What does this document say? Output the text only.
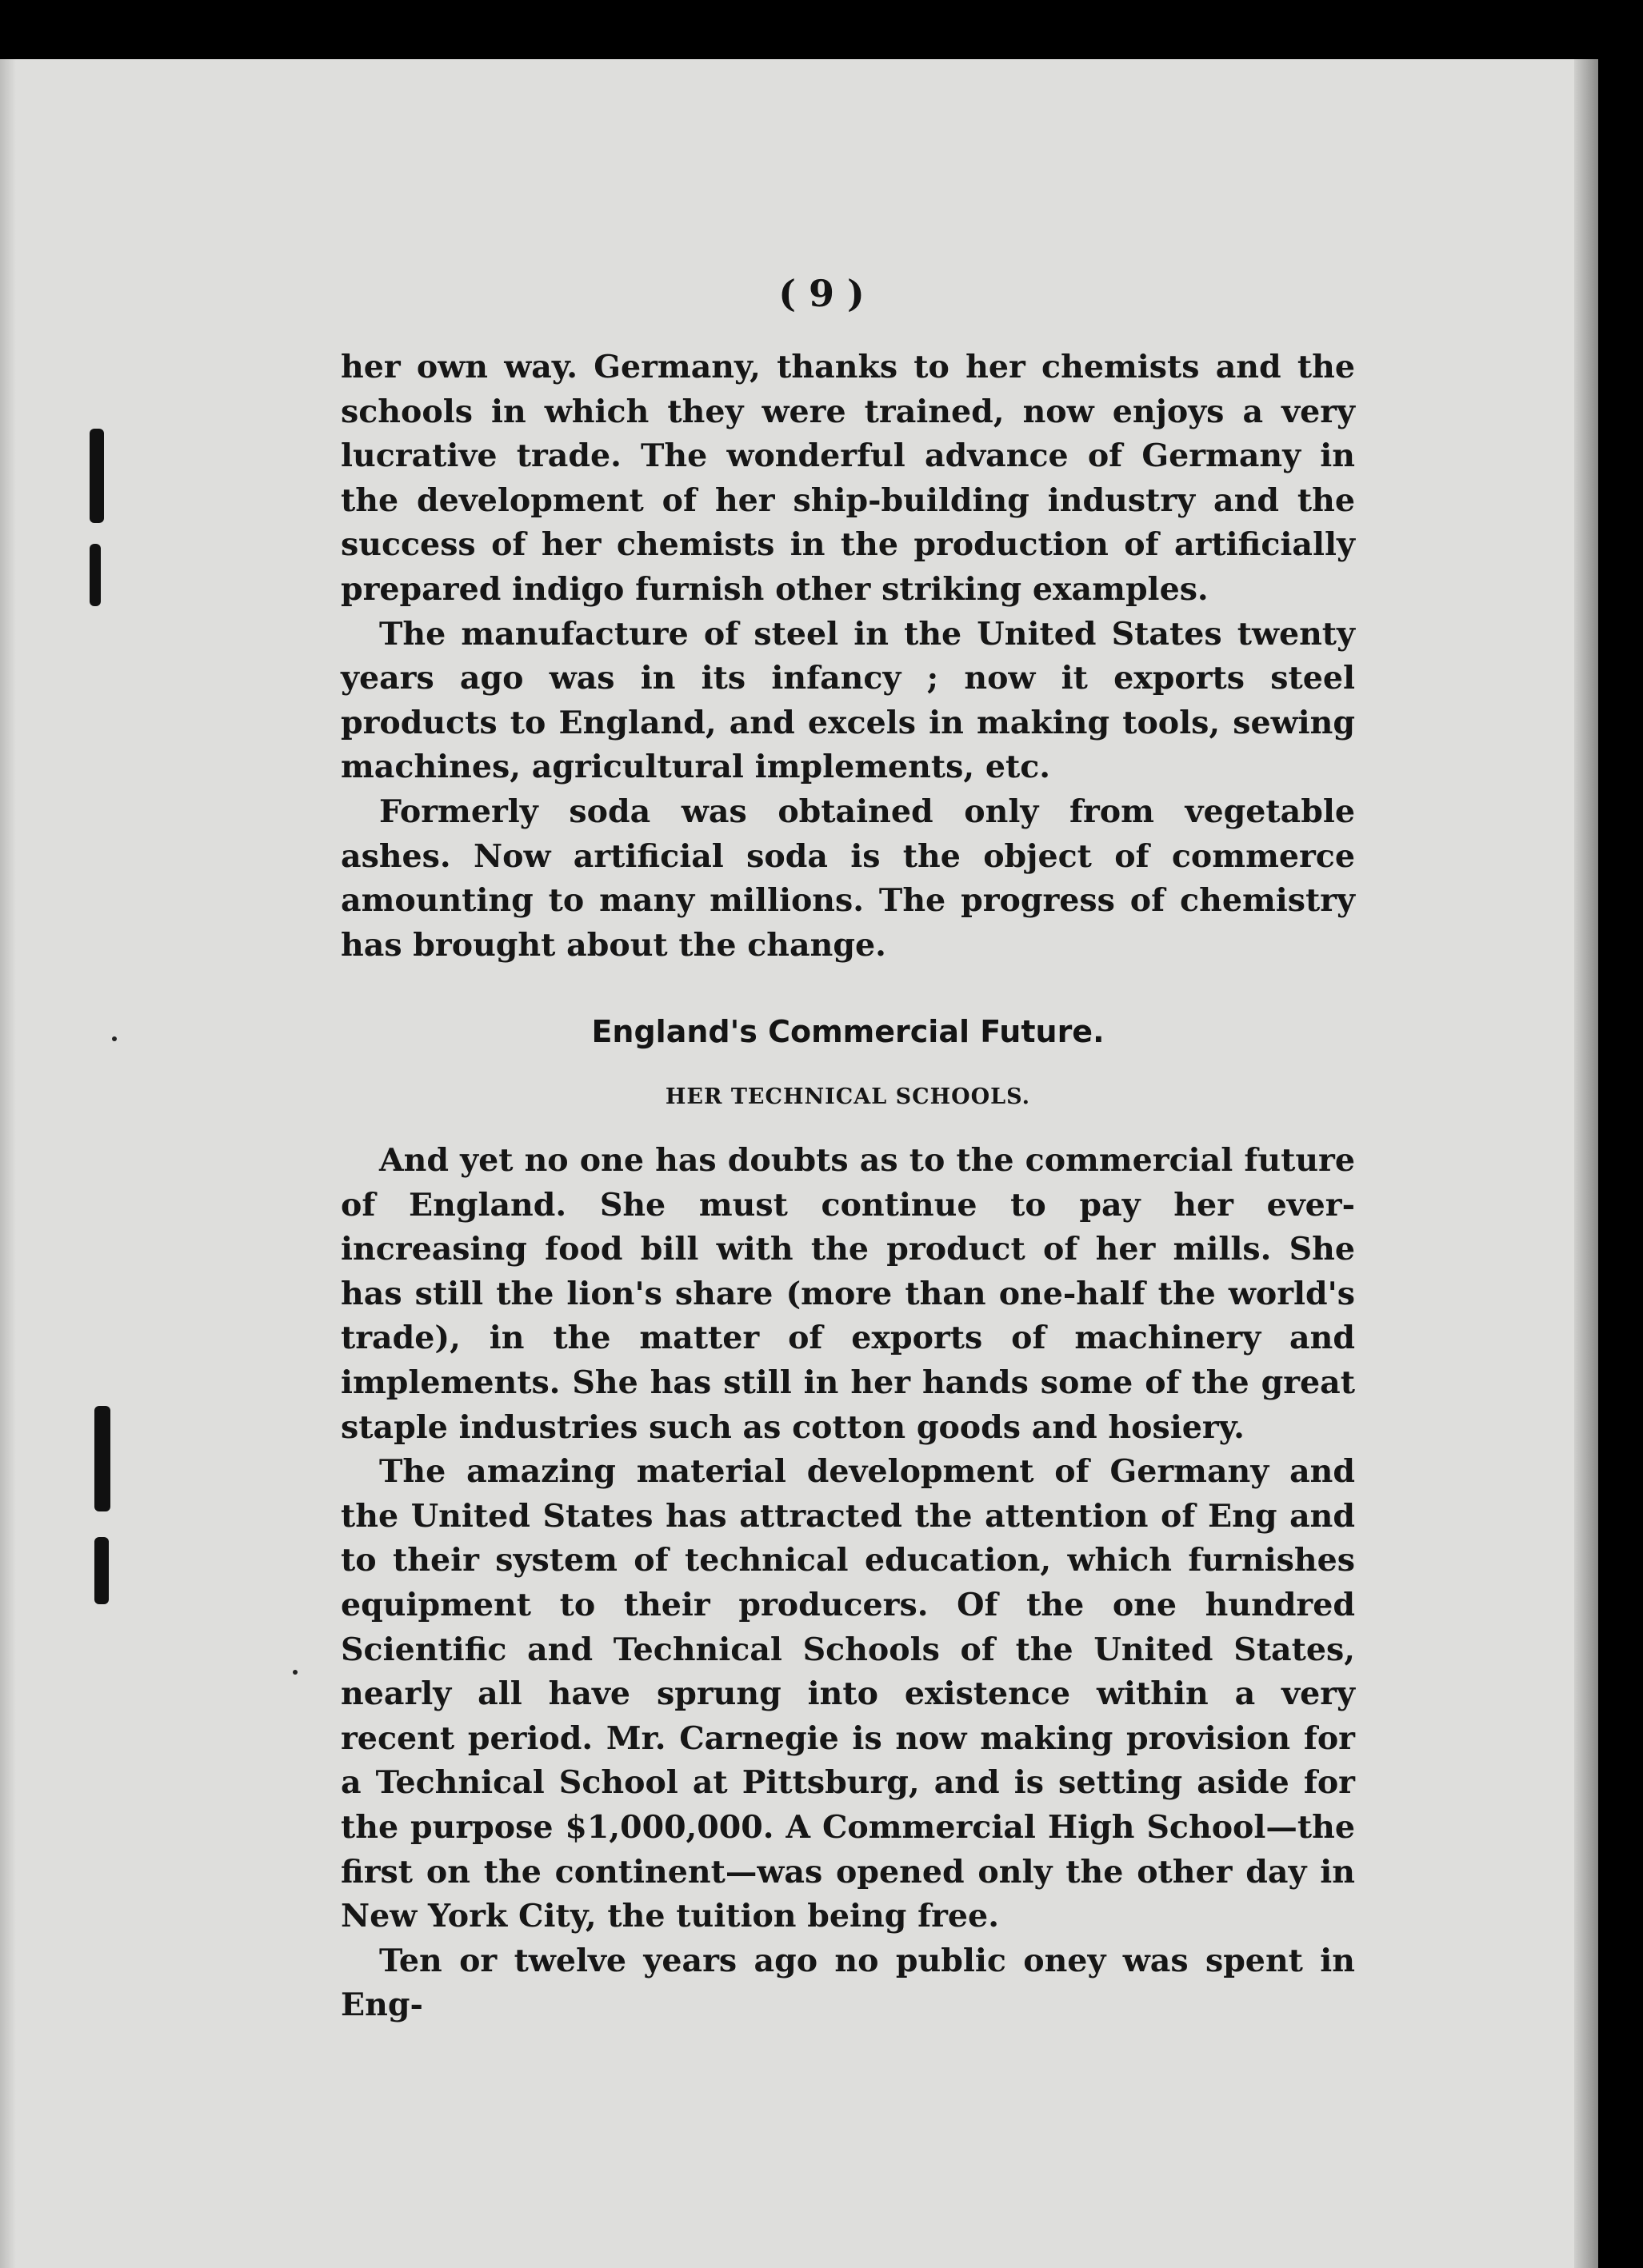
( 9 )

her own way. Germany, thanks to her chemists and the schools in which they were trained, now enjoys a very lucrative trade. The wonderful advance of Germany in the development of her ship-building industry and the success of her chemists in the production of artificially prepared indigo furnish other striking examples.

The manufacture of steel in the United States twenty years ago was in its infancy ; now it exports steel products to England, and excels in making tools, sewing machines, agricultural implements, etc.

Formerly soda was obtained only from vegetable ashes. Now artificial soda is the object of commerce amounting to many millions. The progress of chemistry has brought about the change.

England's Commercial Future.
HER TECHNICAL SCHOOLS.

And yet no one has doubts as to the commercial future of England. She must continue to pay her ever-increasing food bill with the product of her mills. She has still the lion's share (more than one-half the world's trade), in the matter of exports of machinery and implements. She has still in her hands some of the great staple industries such as cotton goods and hosiery.

The amazing material development of Germany and the United States has attracted the attention of Eng and to their system of technical education, which furnishes equipment to their producers. Of the one hundred Scientific and Technical Schools of the United States, nearly all have sprung into existence within a very recent period. Mr. Carnegie is now making provision for a Technical School at Pittsburg, and is setting aside for the purpose $1,000,000. A Commercial High School—the first on the continent—was opened only the other day in New York City, the tuition being free.

Ten or twelve years ago no public oney was spent in Eng-
